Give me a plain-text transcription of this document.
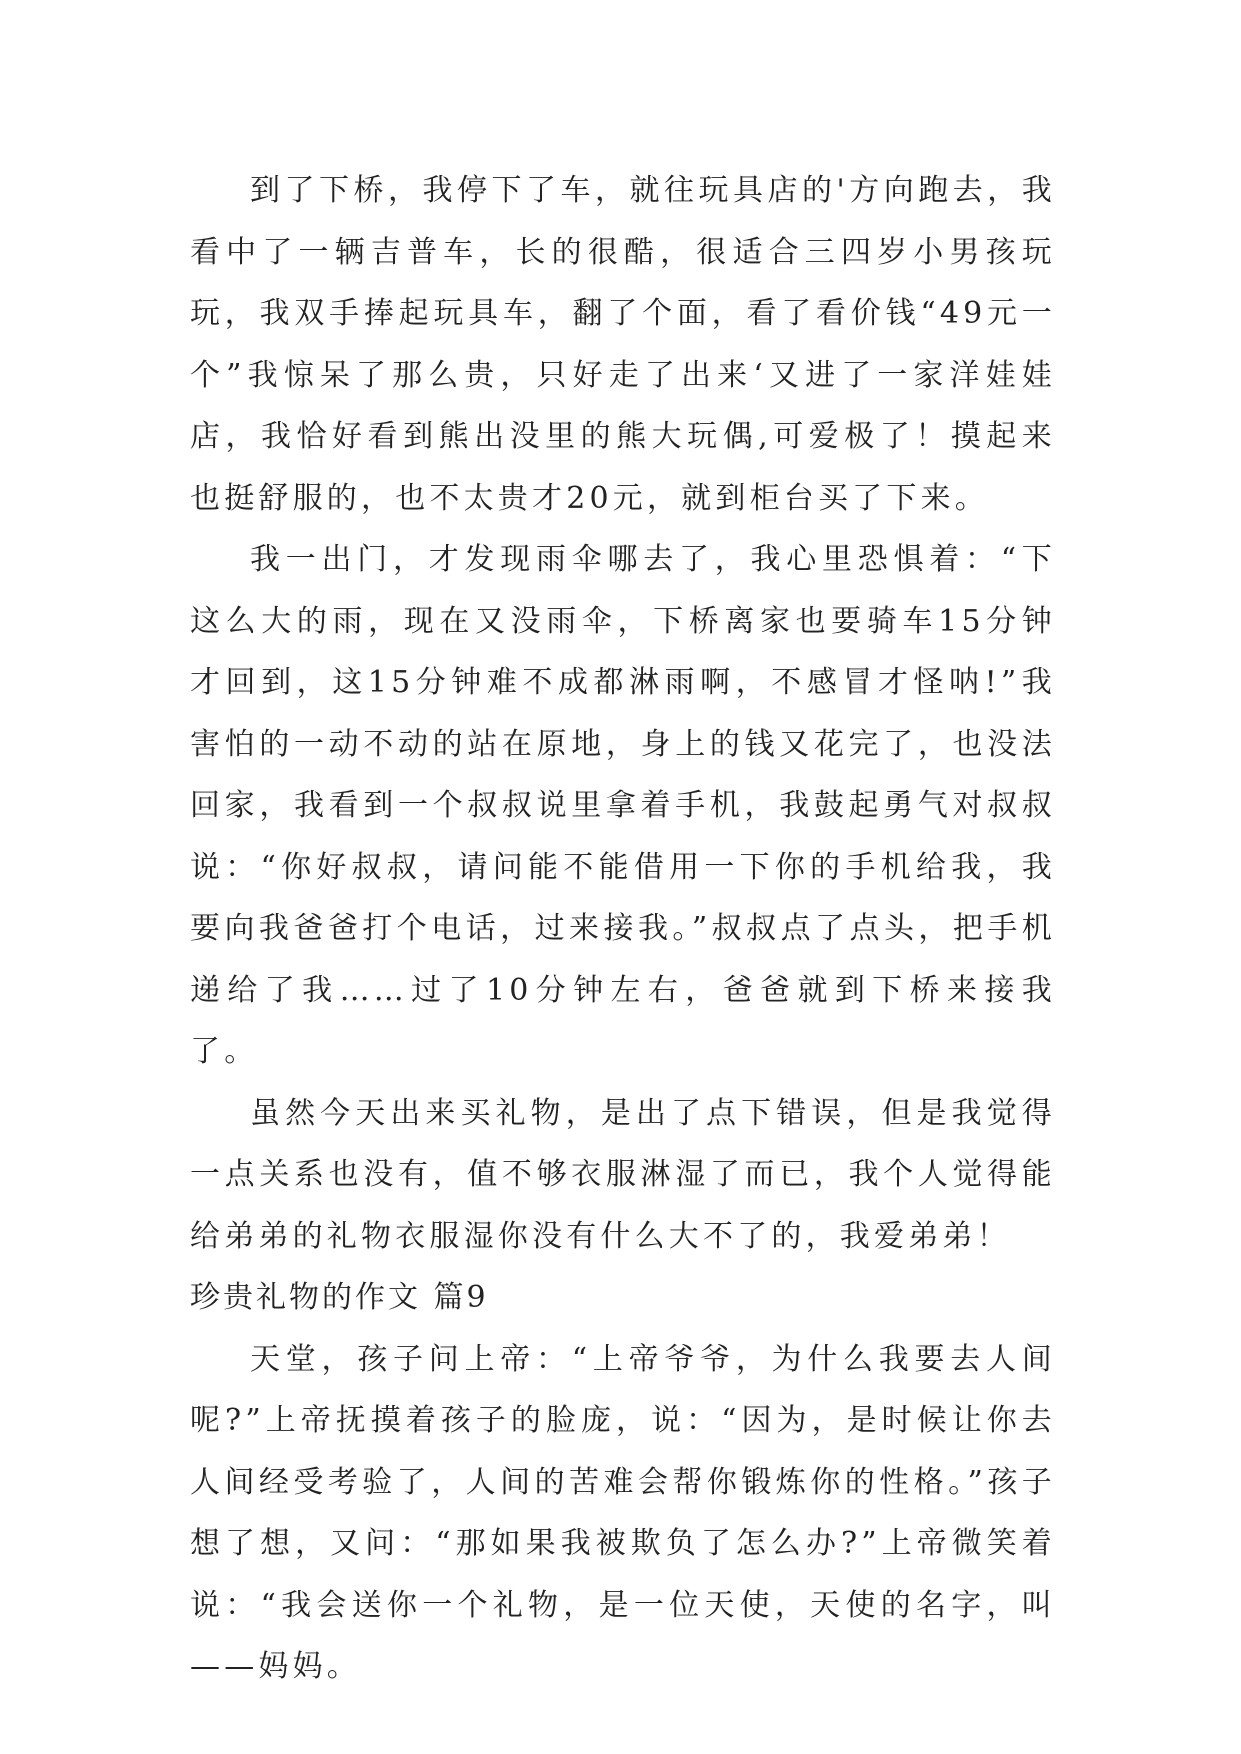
到了下桥，我停下了车，就往玩具店的'方向跑去，我看中了一辆吉普车，长的很酷，很适合三四岁小男孩玩玩，我双手捧起玩具车，翻了个面，看了看价钱“49元一个”我惊呆了那么贵，只好走了出来‘又进了一家洋娃娃店，我恰好看到熊出没里的熊大玩偶,可爱极了！摸起来也挺舒服的，也不太贵才20元，就到柜台买了下来。

我一出门，才发现雨伞哪去了，我心里恐惧着：“下这么大的雨，现在又没雨伞，下桥离家也要骑车15分钟才回到，这15分钟难不成都淋雨啊，不感冒才怪呐!”我害怕的一动不动的站在原地，身上的钱又花完了，也没法回家，我看到一个叔叔说里拿着手机，我鼓起勇气对叔叔说：“你好叔叔，请问能不能借用一下你的手机给我，我要向我爸爸打个电话，过来接我。”叔叔点了点头，把手机递给了我……过了10分钟左右，爸爸就到下桥来接我了。

虽然今天出来买礼物，是出了点下错误，但是我觉得一点关系也没有，值不够衣服淋湿了而已，我个人觉得能给弟弟的礼物衣服湿你没有什么大不了的，我爱弟弟！

珍贵礼物的作文 篇9

天堂，孩子问上帝：“上帝爷爷，为什么我要去人间呢?”上帝抚摸着孩子的脸庞，说：“因为，是时候让你去人间经受考验了，人间的苦难会帮你锻炼你的性格。”孩子想了想，又问：“那如果我被欺负了怎么办?”上帝微笑着说：“我会送你一个礼物，是一位天使，天使的名字，叫——妈妈。
